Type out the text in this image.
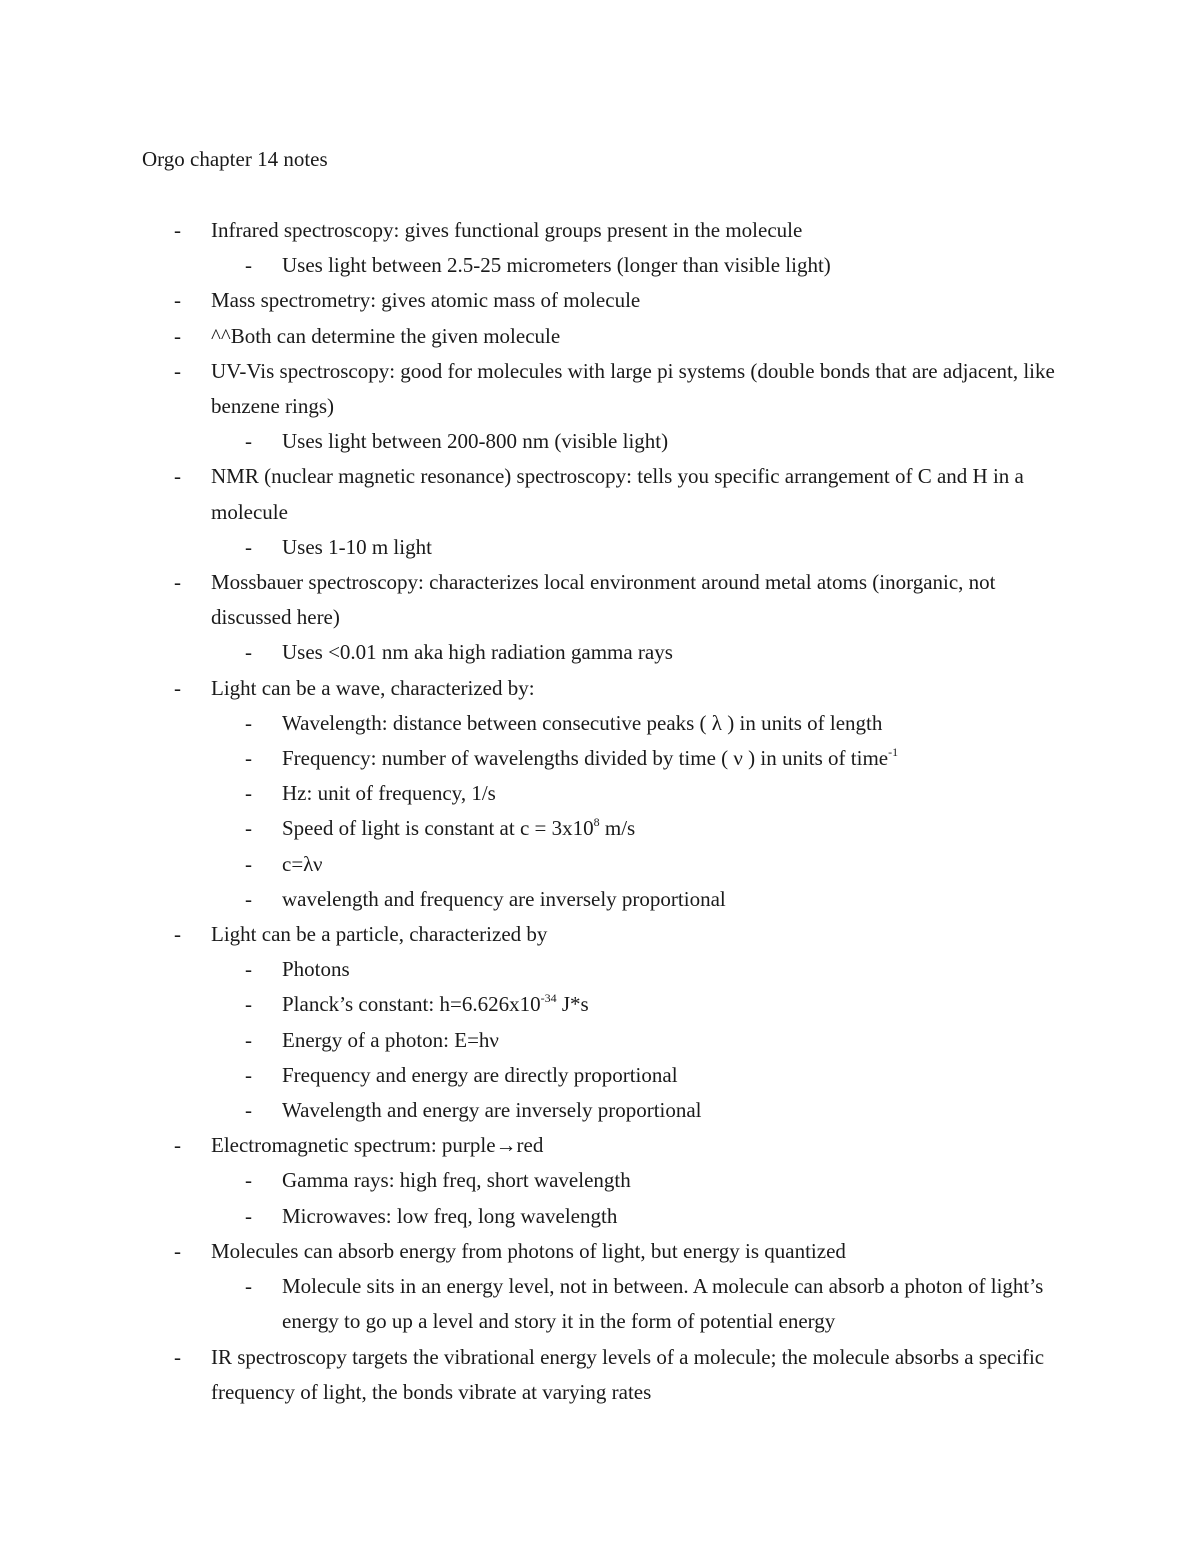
Orgo chapter 14 notes
-	Infrared spectroscopy: gives functional groups present in the molecule
-	Uses light between 2.5-25 micrometers (longer than visible light)
-	Mass spectrometry: gives atomic mass of molecule
-	^^Both can determine the given molecule
-	UV-Vis spectroscopy: good for molecules with large pi systems (double bonds that are adjacent, like benzene rings)
-	Uses light between 200-800 nm (visible light)
-	NMR (nuclear magnetic resonance) spectroscopy: tells you specific arrangement of C and H in a molecule
-	Uses 1-10 m light
-	Mossbauer spectroscopy: characterizes local environment around metal atoms (inorganic, not discussed here)
-	Uses <0.01 nm aka high radiation gamma rays
-	Light can be a wave, characterized by:
-	Wavelength: distance between consecutive peaks ( λ ) in units of length
-	Frequency: number of wavelengths divided by time ( ν ) in units of time$^{-1}$
-	Hz: unit of frequency, 1/s
-	Speed of light is constant at $c = 3x10^8$ m/s
-	c=λν
-	wavelength and frequency are inversely proportional
-	Light can be a particle, characterized by
-	Photons
-	Planck’s constant: $h=6.626x10^{-34}$ J*s
-	Energy of a photon: E=hν
-	Frequency and energy are directly proportional
-	Wavelength and energy are inversely proportional
-	Electromagnetic spectrum: purple→red
-	Gamma rays: high freq, short wavelength
-	Microwaves: low freq, long wavelength
-	Molecules can absorb energy from photons of light, but energy is quantized
-	Molecule sits in an energy level, not in between. A molecule can absorb a photon of light’s energy to go up a level and story it in the form of potential energy
-	IR spectroscopy targets the vibrational energy levels of a molecule; the molecule absorbs a specific frequency of light, the bonds vibrate at varying rates
